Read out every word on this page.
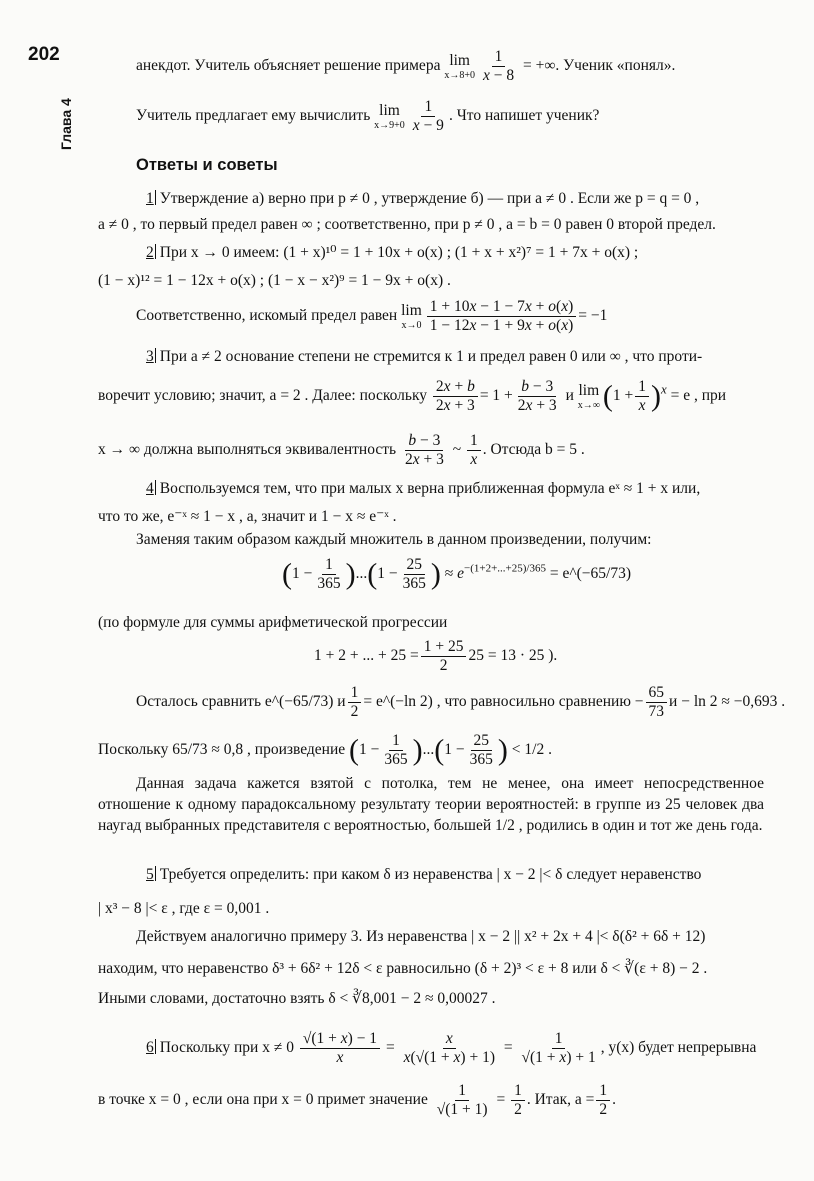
202
Глава 4
анекдот. Учитель объясняет решение примера lim
$x\to 8+0 \frac{1}{x - 8}$ = +∞. Ученик «понял».
Учитель предлагает ему вычислить lim
$x\to 9+0 \frac{1}{x - 9}$ . Что напишет ученик?
Ответы и советы
1 Утверждение а) верно при p ≠ 0 , утверждение б) — при a ≠ 0 . Если же p = q = 0 ,
a ≠ 0 , то первый предел равен ∞ ; соответственно, при p ≠ 0 , a = b = 0 равен 0 второй предел.
2 При x → 0 имеем: (1 + x)¹⁰ = 1 + 10x + o(x) ; (1 + x + x²)⁷ = 1 + 7x + o(x) ;
(1 − x)¹² = 1 − 12x + o(x) ; (1 − x − x²)⁹ = 1 − 9x + o(x) .
Соответственно, искомый предел равен lim
$x\to 0 \frac{1 + 10x - 1 - 7x + o(x)}{1 - 12x - 1 + 9x + o(x)} = -1$
3 При a ≠ 2 основание степени не стремится к 1 и предел равен 0 или ∞ , что проти-
воречит условию; значит, a = 2 . Далее: поскольку $\frac{2x + b}{2x + 3} = 1 + \frac{b - 3}{2x + 3}$ и lim
x→∞ $(1 + \frac{1}{x} )^x = e$ , при
x → ∞ должна выполняться эквивалентность $\frac{b - 3}{2x + 3}$ ~ $\frac{1}{x}$ . Отсюда b = 5 .
4 Воспользуемся тем, что при малых x верна приближенная формула eˣ ≈ 1 + x или,
что то же, e⁻ˣ ≈ 1 − x , а, значит и 1 − x ≈ e⁻ˣ .
Заменяя таким образом каждый множитель в данном произведении, получим:
$(1 - \frac{1}{365} )...(1 - \frac{25}{365}$ ) ≈ $e^{-(1+2+...+25)/365}$ = e^(−65/73)
(по формуле для суммы арифметической прогрессии
1 + 2 + ... + $25 = \frac{1 + 25}{2} 25 = 13 \cdot 25$ ).
Осталось сравнить e^(−65/73) и $\frac{1}{2}$ = e^(−ln 2) , что равносильно сравнению − $\frac{65}{73}$ и − ln 2 ≈ −0,693 .
Поскольку 65/73 ≈ 0,8 , произведение $(1 - \frac{1}{365} )...(1 - \frac{25}{365}$ ) < 1/2 .
Данная задача кажется взятой с потолка, тем не менее, она имеет непосредственное отношение к одному парадоксальному результату теории вероятностей: в группе из 25 человек два наугад выбранных представителя с вероятностью, большей 1/2 , родились в один и тот же день года.
5 Требуется определить: при каком δ из неравенства | x − 2 |< δ следует неравенство
| x³ − 8 |< ε , где ε = 0,001 .
Действуем аналогично примеру 3. Из неравенства | x − 2 || x² + 2x + 4 |< δ(δ² + 6δ + 12)
находим, что неравенство δ³ + 6δ² + 12δ < ε равносильно (δ + 2)³ < ε + 8 или δ < ∛(ε + 8) − 2 .
Иными словами, достаточно взять δ < ∛8,001 − 2 ≈ 0,00027 .
6 Поскольку при $x \ne 0 \frac{√(1 + x) - 1}{x} = \frac{x}{x(√(1 + x) + 1)} = \frac{1}{√(1 + x) + 1}$ , y(x) будет непрерывна
в точке x = 0 , если она при x = 0 примет значение $\frac{1}{√(1 + 1)} = \frac{1}{2}$ . Итак, $a = \frac{1}{2}$ .
